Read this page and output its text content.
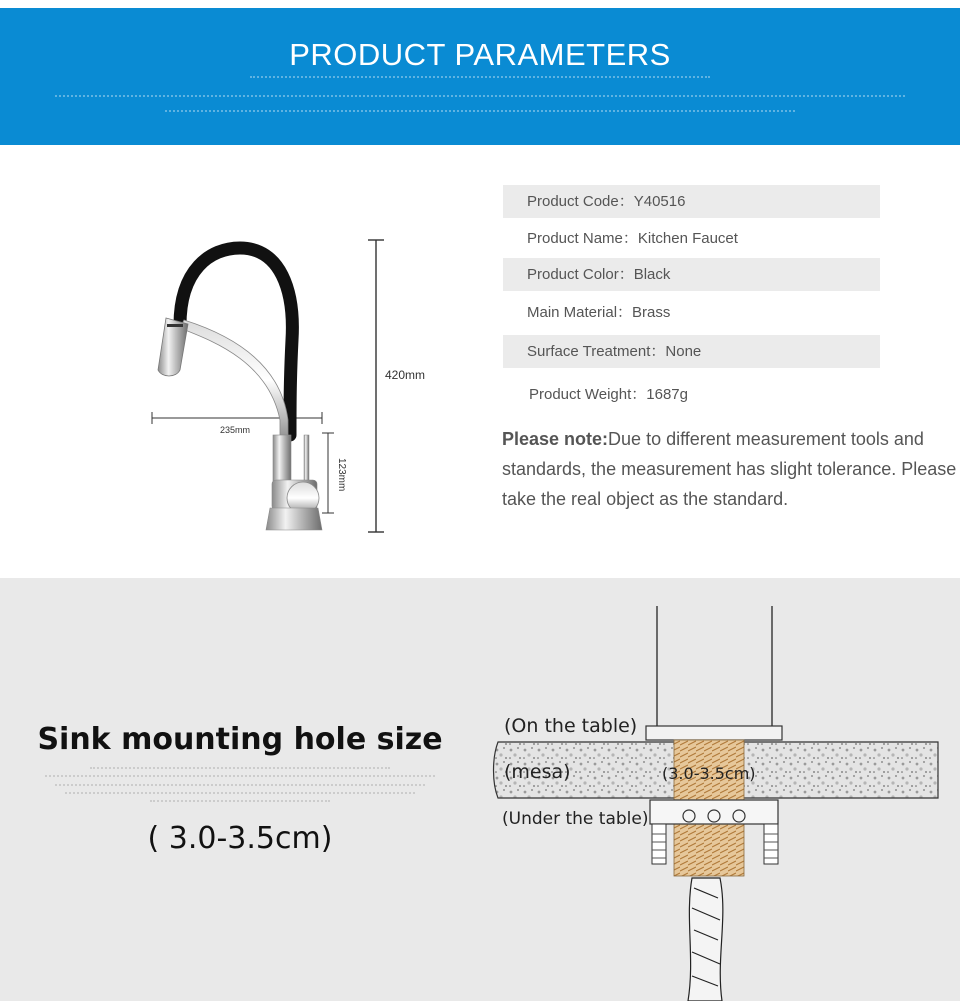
PRODUCT PARAMETERS
235mm
420mm
123mm
Product Code：Y40516
Product Name：Kitchen Faucet
Product Color：Black
Main Material：Brass
Surface Treatment：None
Product Weight：1687g
Please note:Due to different measurement tools and standards, the measurement has slight tolerance. Please take the real object as the standard.
Sink mounting hole size
( 3.0-3.5cm)
(On the table)
(mesa)	(3.0-3.5cm)
(Under the table)
